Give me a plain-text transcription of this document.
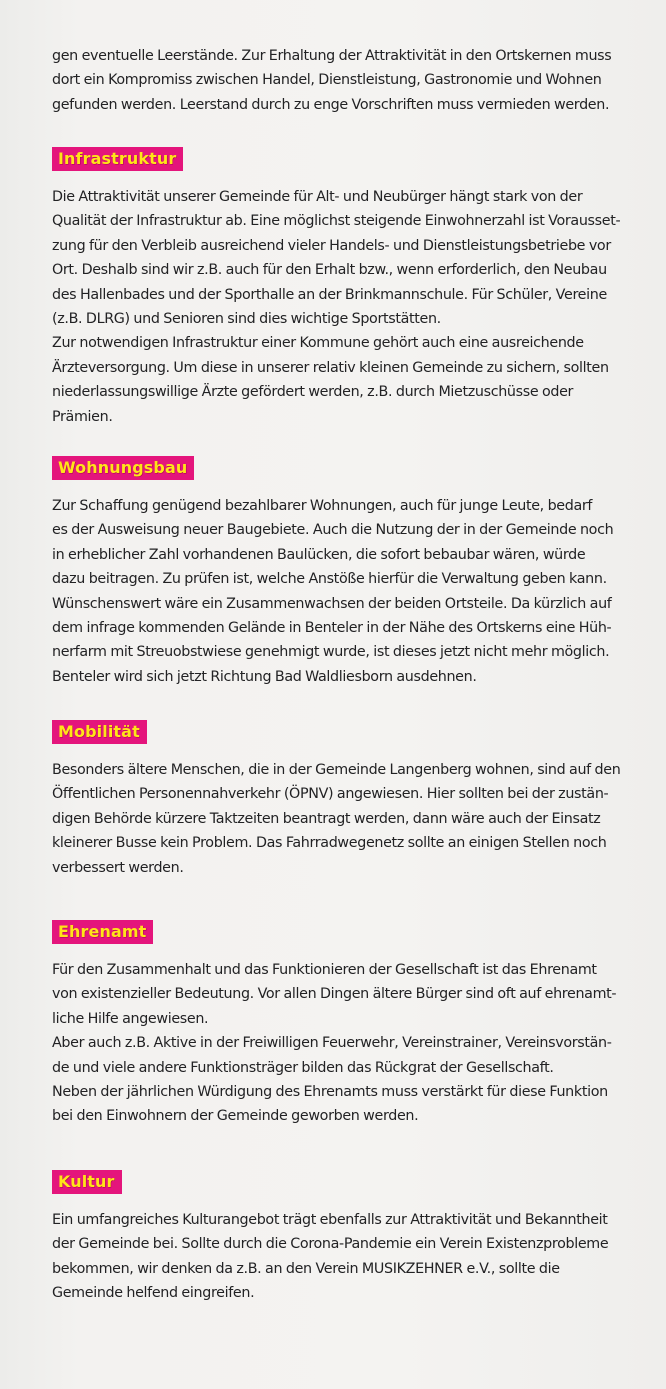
gen eventuelle Leerstände. Zur Erhaltung der Attraktivität in den Ortskernen muss
dort ein Kompromiss zwischen Handel, Dienstleistung, Gastronomie und Wohnen
gefunden werden. Leerstand durch zu enge Vorschriften muss vermieden werden.

Infrastruktur

Die Attraktivität unserer Gemeinde für Alt- und Neubürger hängt stark von der
Qualität der Infrastruktur ab. Eine möglichst steigende Einwohnerzahl ist Vorausset-
zung für den Verbleib ausreichend vieler Handels- und Dienstleistungsbetriebe vor
Ort. Deshalb sind wir z.B. auch für den Erhalt bzw., wenn erforderlich, den Neubau
des Hallenbades und der Sporthalle an der Brinkmannschule. Für Schüler, Vereine
(z.B. DLRG) und Senioren sind dies wichtige Sportstätten.
Zur notwendigen Infrastruktur einer Kommune gehört auch eine ausreichende
Ärzteversorgung. Um diese in unserer relativ kleinen Gemeinde zu sichern, sollten
niederlassungswillige Ärzte gefördert werden, z.B. durch Mietzuschüsse oder
Prämien.

Wohnungsbau

Zur Schaffung genügend bezahlbarer Wohnungen, auch für junge Leute, bedarf
es der Ausweisung neuer Baugebiete. Auch die Nutzung der in der Gemeinde noch
in erheblicher Zahl vorhandenen Baulücken, die sofort bebaubar wären, würde
dazu beitragen. Zu prüfen ist, welche Anstöße hierfür die Verwaltung geben kann.
Wünschenswert wäre ein Zusammenwachsen der beiden Ortsteile. Da kürzlich auf
dem infrage kommenden Gelände in Benteler in der Nähe des Ortskerns eine Hüh-
nerfarm mit Streuobstwiese genehmigt wurde, ist dieses jetzt nicht mehr möglich.
Benteler wird sich jetzt Richtung Bad Waldliesborn ausdehnen.

Mobilität

Besonders ältere Menschen, die in der Gemeinde Langenberg wohnen, sind auf den
Öffentlichen Personennahverkehr (ÖPNV) angewiesen. Hier sollten bei der zustän-
digen Behörde kürzere Taktzeiten beantragt werden, dann wäre auch der Einsatz
kleinerer Busse kein Problem. Das Fahrradwegenetz sollte an einigen Stellen noch
verbessert werden.

Ehrenamt

Für den Zusammenhalt und das Funktionieren der Gesellschaft ist das Ehrenamt
von existenzieller Bedeutung. Vor allen Dingen ältere Bürger sind oft auf ehrenamt-
liche Hilfe angewiesen.
Aber auch z.B. Aktive in der Freiwilligen Feuerwehr, Vereinstrainer, Vereinsvorstän-
de und viele andere Funktionsträger bilden das Rückgrat der Gesellschaft.
Neben der jährlichen Würdigung des Ehrenamts muss verstärkt für diese Funktion
bei den Einwohnern der Gemeinde geworben werden.

Kultur

Ein umfangreiches Kulturangebot trägt ebenfalls zur Attraktivität und Bekanntheit
der Gemeinde bei. Sollte durch die Corona-Pandemie ein Verein Existenzprobleme
bekommen, wir denken da z.B. an den Verein MUSIKZEHNER e.V., sollte die
Gemeinde helfend eingreifen.
